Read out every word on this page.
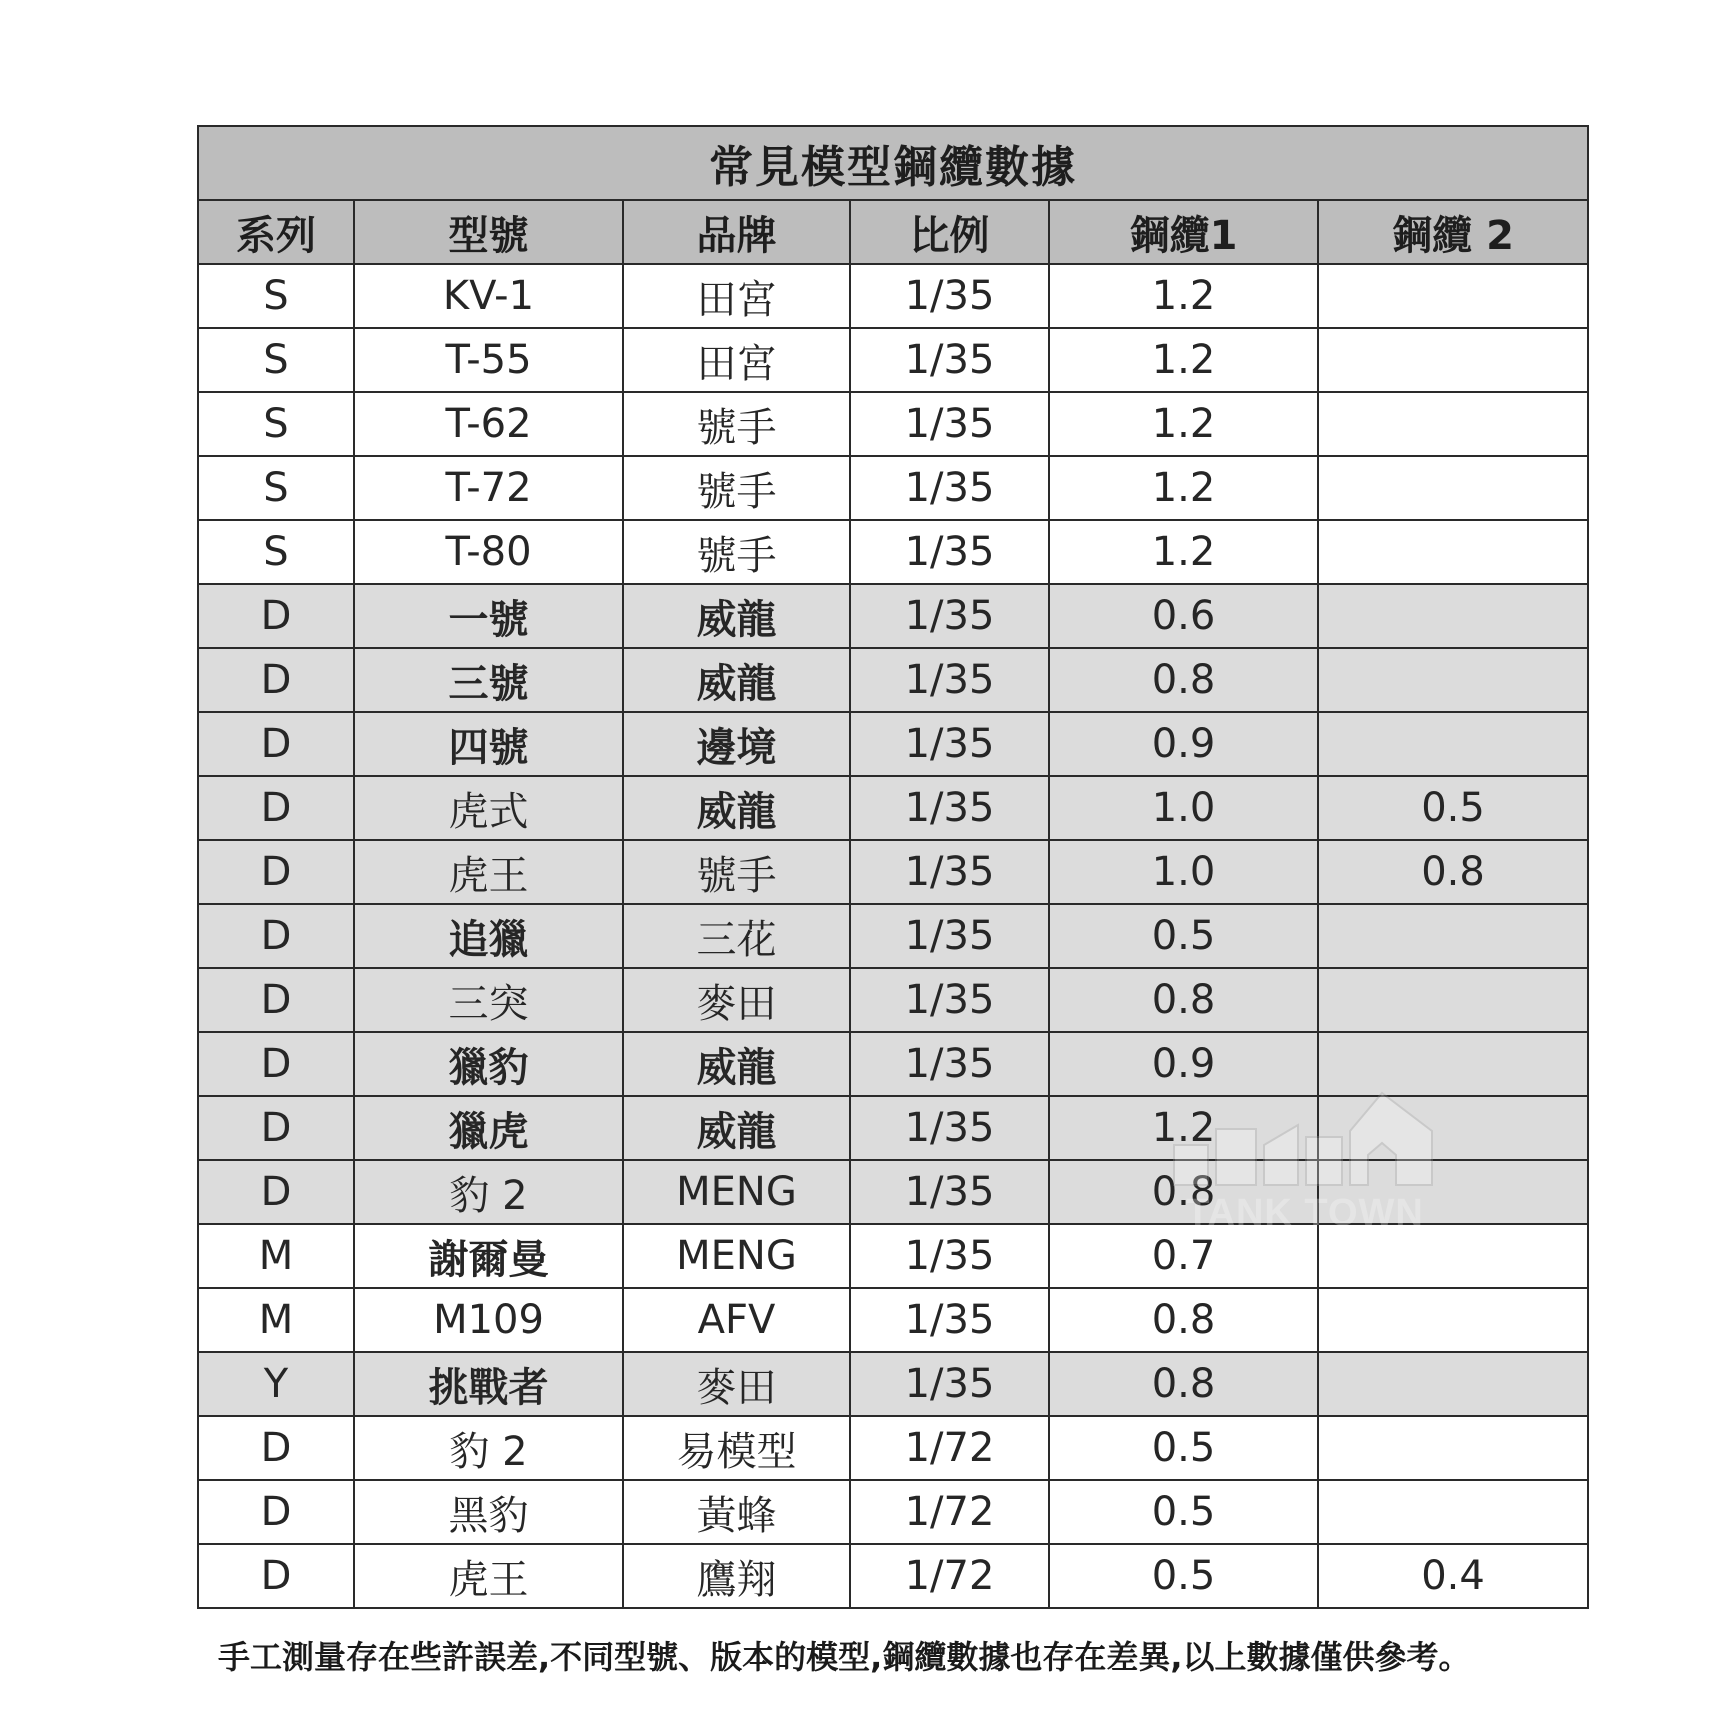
常見模型鋼纜數據					
系列	型號	品牌	比例	鋼纜1	鋼纜 2
S	KV-1	田宮	1/35	1.2	
S	T-55	田宮	1/35	1.2	
S	T-62	號手	1/35	1.2	
S	T-72	號手	1/35	1.2	
S	T-80	號手	1/35	1.2	
D	一號	威龍	1/35	0.6	
D	三號	威龍	1/35	0.8	
D	四號	邊境	1/35	0.9	
D	虎式	威龍	1/35	1.0	0.5
D	虎王	號手	1/35	1.0	0.8
D	追獵	三花	1/35	0.5	
D	三突	麥田	1/35	0.8	
D	獵豹	威龍	1/35	0.9	
D	獵虎	威龍	1/35	1.2	
D	豹 2	MENG	1/35	0.8	
M	謝爾曼	MENG	1/35	0.7	
M	M109	AFV	1/35	0.8	
Y	挑戰者	麥田	1/35	0.8	
D	豹 2	易模型	1/72	0.5	
D	黑豹	黃蜂	1/72	0.5	
D	虎王	鷹翔	1/72	0.5	0.4
TANK TOWN
手工測量存在些許誤差,不同型號、版本的模型,鋼纜數據也存在差異,以上數據僅供參考。
